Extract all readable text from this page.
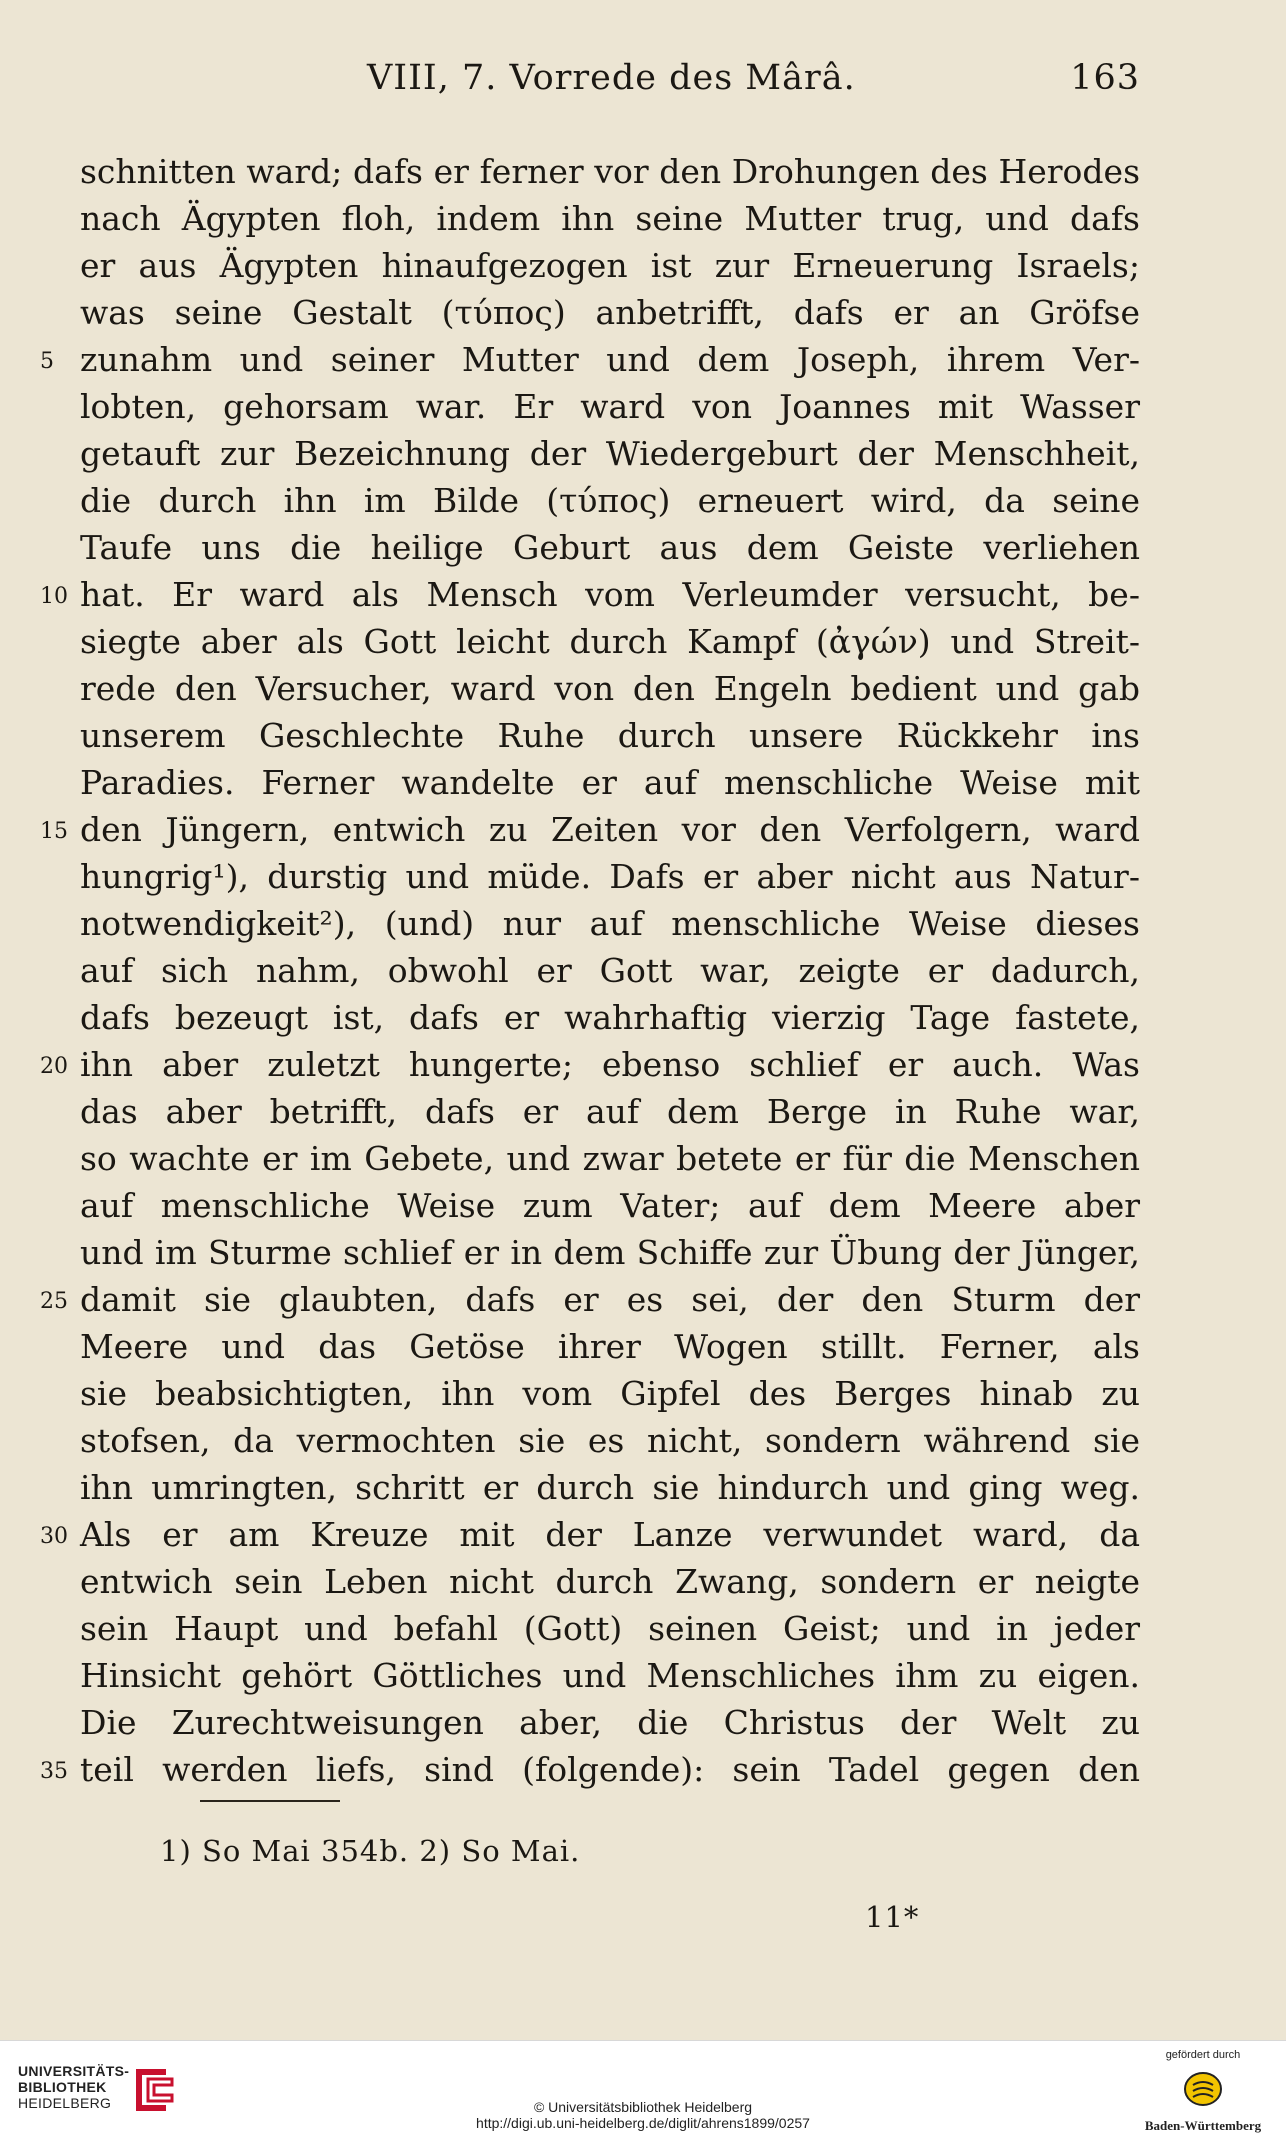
VIII, 7. Vorrede des Mârâ.	163
schnitten ward; dafs er ferner vor den Drohungen des Herodes
nach Ägypten floh, indem ihn seine Mutter trug, und dafs
er aus Ägypten hinaufgezogen ist zur Erneuerung Israels;
was seine Gestalt (τύπος) anbetrifft, dafs er an Gröfse
5 zunahm und seiner Mutter und dem Joseph, ihrem Ver-
lobten, gehorsam war. Er ward von Joannes mit Wasser
getauft zur Bezeichnung der Wiedergeburt der Menschheit,
die durch ihn im Bilde (τύπος) erneuert wird, da seine
Taufe uns die heilige Geburt aus dem Geiste verliehen
10 hat. Er ward als Mensch vom Verleumder versucht, be-
siegte aber als Gott leicht durch Kampf (ἀγών) und Streit-
rede den Versucher, ward von den Engeln bedient und gab
unserem Geschlechte Ruhe durch unsere Rückkehr ins
Paradies. Ferner wandelte er auf menschliche Weise mit
15 den Jüngern, entwich zu Zeiten vor den Verfolgern, ward
hungrig¹), durstig und müde. Dafs er aber nicht aus Natur-
notwendigkeit²), (und) nur auf menschliche Weise dieses
auf sich nahm, obwohl er Gott war, zeigte er dadurch,
dafs bezeugt ist, dafs er wahrhaftig vierzig Tage fastete,
20 ihn aber zuletzt hungerte; ebenso schlief er auch. Was
das aber betrifft, dafs er auf dem Berge in Ruhe war,
so wachte er im Gebete, und zwar betete er für die Menschen
auf menschliche Weise zum Vater; auf dem Meere aber
und im Sturme schlief er in dem Schiffe zur Übung der Jünger,
25 damit sie glaubten, dafs er es sei, der den Sturm der
Meere und das Getöse ihrer Wogen stillt. Ferner, als
sie beabsichtigten, ihn vom Gipfel des Berges hinab zu
stofsen, da vermochten sie es nicht, sondern während sie
ihn umringten, schritt er durch sie hindurch und ging weg.
30 Als er am Kreuze mit der Lanze verwundet ward, da
entwich sein Leben nicht durch Zwang, sondern er neigte
sein Haupt und befahl (Gott) seinen Geist; und in jeder
Hinsicht gehört Göttliches und Menschliches ihm zu eigen.
Die Zurechtweisungen aber, die Christus der Welt zu
35 teil werden liefs, sind (folgende): sein Tadel gegen den
1) So Mai 354b. 2) So Mai.
11*
UNIVERSITÄTS-
BIBLIOTHEK
HEIDELBERG	© Universitätsbibliothek Heidelberg
http://digi.ub.uni-heidelberg.de/diglit/ahrens1899/0257
gefördert durch
Baden-Württemberg
